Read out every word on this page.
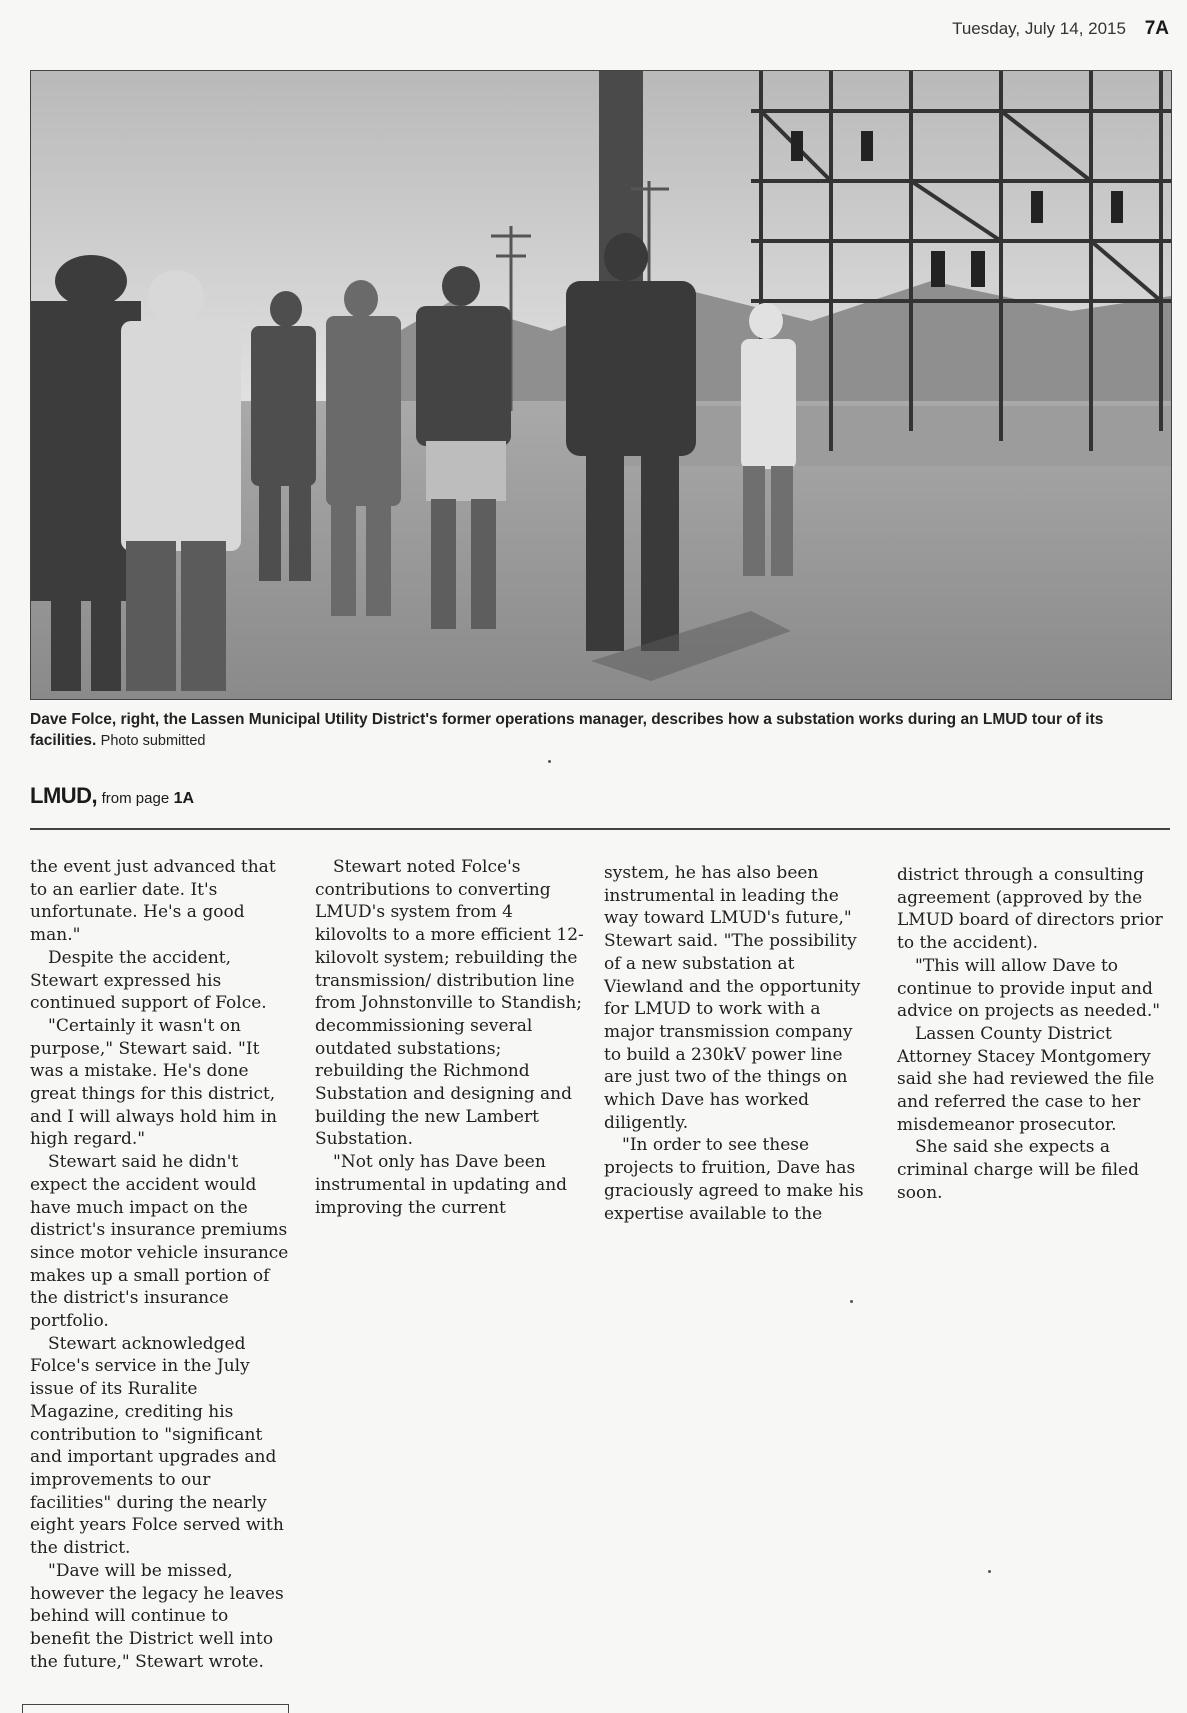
Tuesday, July 14, 2015 7A
Dave Folce, right, the Lassen Municipal Utility District's former operations manager, describes how a substation works during an LMUD tour of its facilities. Photo submitted
LMUD, from page 1A

the event just advanced that to an earlier date. It's unfortunate. He's a good man."

Despite the accident, Stewart expressed his continued support of Folce.

"Certainly it wasn't on purpose," Stewart said. "It was a mistake. He's done great things for this district, and I will always hold him in high regard."

Stewart said he didn't expect the accident would have much impact on the district's insurance premiums since motor vehicle insurance makes up a small portion of the district's insurance portfolio.

Stewart acknowledged Folce's service in the July issue of its Ruralite Magazine, crediting his contribution to "significant and important upgrades and improvements to our facilities" during the nearly eight years Folce served with the district.

"Dave will be missed, however the legacy he leaves behind will continue to benefit the District well into the future," Stewart wrote.

Stewart noted Folce's contributions to converting LMUD's system from 4 kilovolts to a more efficient 12-kilovolt system; rebuilding the transmission/ distribution line from Johnstonville to Standish; decommissioning several outdated substations; rebuilding the Richmond Substation and designing and building the new Lambert Substation.

"Not only has Dave been instrumental in updating and improving the current

system, he has also been instrumental in leading the way toward LMUD's future," Stewart said. "The possibility of a new substation at Viewland and the opportunity for LMUD to work with a major transmission company to build a 230kV power line are just two of the things on which Dave has worked diligently.

"In order to see these projects to fruition, Dave has graciously agreed to make his expertise available to the

district through a consulting agreement (approved by the LMUD board of directors prior to the accident).

"This will allow Dave to continue to provide input and advice on projects as needed."

Lassen County District Attorney Stacey Montgomery said she had reviewed the file and referred the case to her misdemeanor prosecutor.

She said she expects a criminal charge will be filed soon.
